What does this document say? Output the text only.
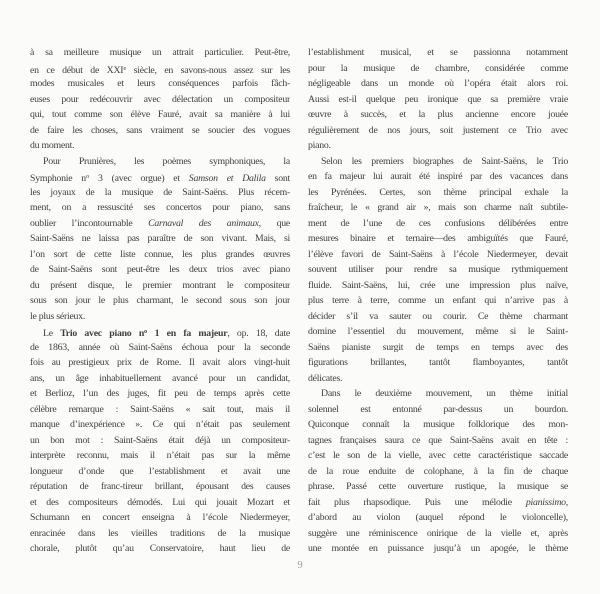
à sa meilleure musique un attrait particulier. Peut-être,
en ce début de XXIe siècle, en savons-nous assez sur les
modes musicales et leurs conséquences parfois fâch-
euses pour redécouvrir avec délectation un compositeur
qui, tout comme son élève Fauré, avait sa manière à lui
de faire les choses, sans vraiment se soucier des vogues
du moment.
Pour Prunières, les poèmes symphoniques, la
Symphonie $n^o$ 3 (avec orgue) et Samson et Dalila sont
les joyaux de la musique de Saint-Saëns. Plus récem-
ment, on a ressuscité ses concertos pour piano, sans
oublier l’incontournable Carnaval des animaux, que
Saint-Saëns ne laissa pas paraître de son vivant. Mais, si
l’on sort de cette liste connue, les plus grandes œuvres
de Saint-Saëns sont peut-être les deux trios avec piano
du présent disque, le premier montrant le compositeur
sous son jour le plus charmant, le second sous son jour
le plus sérieux.
Le Trio avec piano $n^o$ 1 en fa majeur, op. 18, date
de 1863, année où Saint-Saëns échoua pour la seconde
fois au prestigieux prix de Rome. Il avait alors vingt-huit
ans, un âge inhabituellement avancé pour un candidat,
et Berlioz, l’un des juges, fit peu de temps après cette
célèbre remarque : Saint-Saëns « sait tout, mais il
manque d’inexpérience ». Ce qui n’était pas seulement
un bon mot : Saint-Saëns était déjà un compositeur-
interprète reconnu, mais il n’était pas sur la même
longueur d’onde que l’establishment et avait une
réputation de franc-tireur brillant, épousant des causes
et des compositeurs démodés. Lui qui jouait Mozart et
Schumann en concert enseigna à l’école Niedermeyer,
enracinée dans les vieilles traditions de la musique
chorale, plutôt qu’au Conservatoire, haut lieu de
l’establishment musical, et se passionna notamment
pour la musique de chambre, considérée comme
négligeable dans un monde où l’opéra était alors roi.
Aussi est-il quelque peu ironique que sa première vraie
œuvre à succès, et la plus ancienne encore jouée
régulièrement de nos jours, soit justement ce Trio avec
piano.
Selon les premiers biographes de Saint-Saëns, le Trio
en fa majeur lui aurait été inspiré par des vacances dans
les Pyrénées. Certes, son thème principal exhale la
fraîcheur, le « grand air », mais son charme naît subtile-
ment de l’une de ces confusions délibérées entre
mesures binaire et ternaire—des ambiguïtés que Fauré,
l’élève favori de Saint-Saëns à l’école Niedermeyer, devait
souvent utiliser pour rendre sa musique rythmiquement
fluide. Saint-Saëns, lui, crée une impression plus naïve,
plus terre à terre, comme un enfant qui n’arrive pas à
décider s’il va sauter ou courir. Ce thème charmant
domine l’essentiel du mouvement, même si le Saint-
Saëns pianiste surgit de temps en temps avec des
figurations brillantes, tantôt flamboyantes, tantôt
délicates.
Dans le deuxième mouvement, un thème initial
solennel est entonné par-dessus un bourdon.
Quiconque connaît la musique folklorique des mon-
tagnes françaises saura ce que Saint-Saëns avait en tête :
c’est le son de la vielle, avec cette caractéristique saccade
de la roue enduite de colophane, à la fin de chaque
phrase. Passé cette ouverture rustique, la musique se
fait plus rhapsodique. Puis une mélodie pianissimo,
d’abord au violon (auquel répond le violoncelle),
suggère une réminiscence onirique de la vielle et, après
une montée en puissance jusqu’à un apogée, le thème
9
